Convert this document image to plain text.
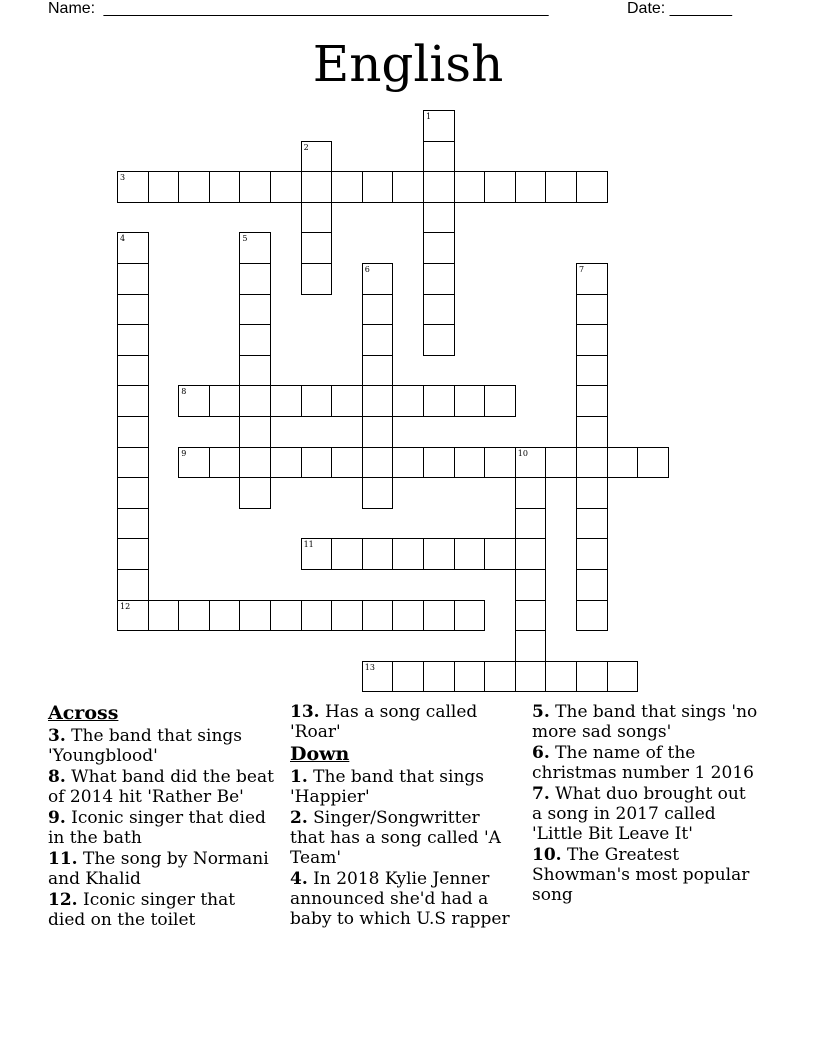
Name: __________________________________________________	Date: _______
English
1
2
3
4	5
6	7
8
9	10
11
12
13
Across
3. The band that sings 'Youngblood'
8. What band did the beat of 2014 hit 'Rather Be'
9. Iconic singer that died in the bath
11. The song by Normani and Khalid
12. Iconic singer that died on the toilet
13. Has a song called 'Roar'
Down
1. The band that sings 'Happier'
2. Singer/Songwritter that has a song called 'A Team'
4. In 2018 Kylie Jenner announced she'd had a baby to which U.S rapper
5. The band that sings 'no more sad songs'
6. The name of the christmas number 1 2016
7. What duo brought out a song in 2017 called 'Little Bit Leave It'
10. The Greatest Showman's most popular song
